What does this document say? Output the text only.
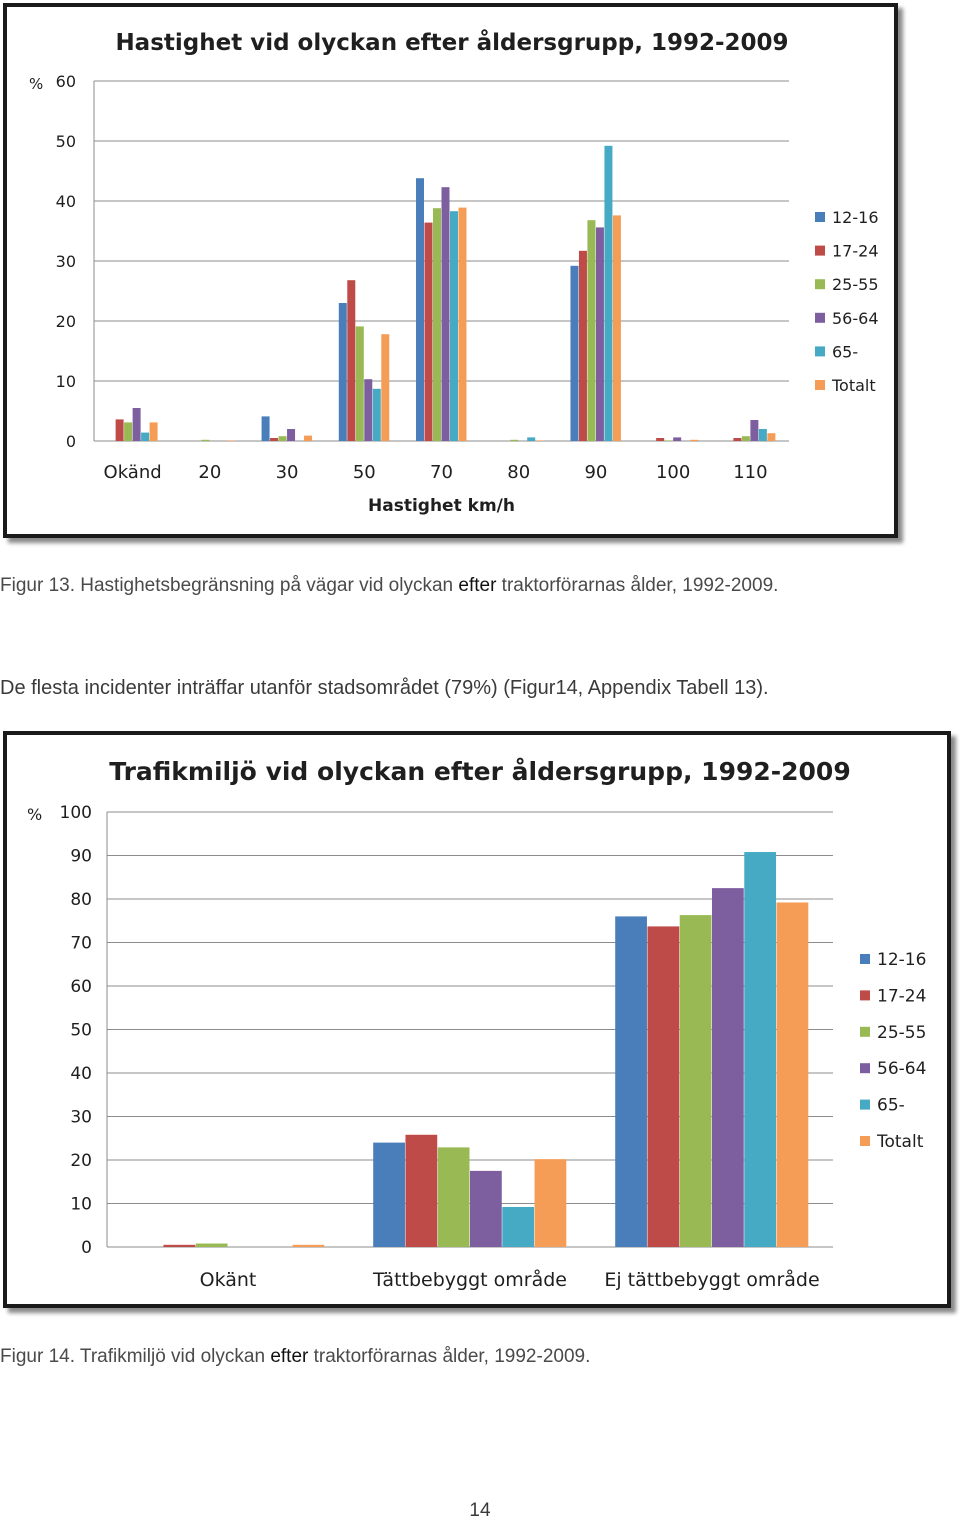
Hastighet vid olyckan efter åldersgrupp, 1992-2009
0
10
20
30
40
50
60
%
Okänd 20	30	50	70	80	90	100 110
Hastighet km/h
12-16
17-24
25-55
56-64
65-
Totalt
Figur 13. Hastighetsbegränsning på vägar vid olyckan efter traktorförarnas ålder, 1992-2009.
De flesta incidenter inträffar utanför stadsområdet (79%) (Figur14, Appendix Tabell 13).
Trafikmiljö vid olyckan efter åldersgrupp, 1992-2009
0
10
20
30
40
50
60
70
80
90
100
%
Okänt	Tättbebyggt område Ej tättbebyggt område
12-16
17-24
25-55
56-64
65-
Totalt
Figur 14. Trafikmiljö vid olyckan efter traktorförarnas ålder, 1992-2009.
14
